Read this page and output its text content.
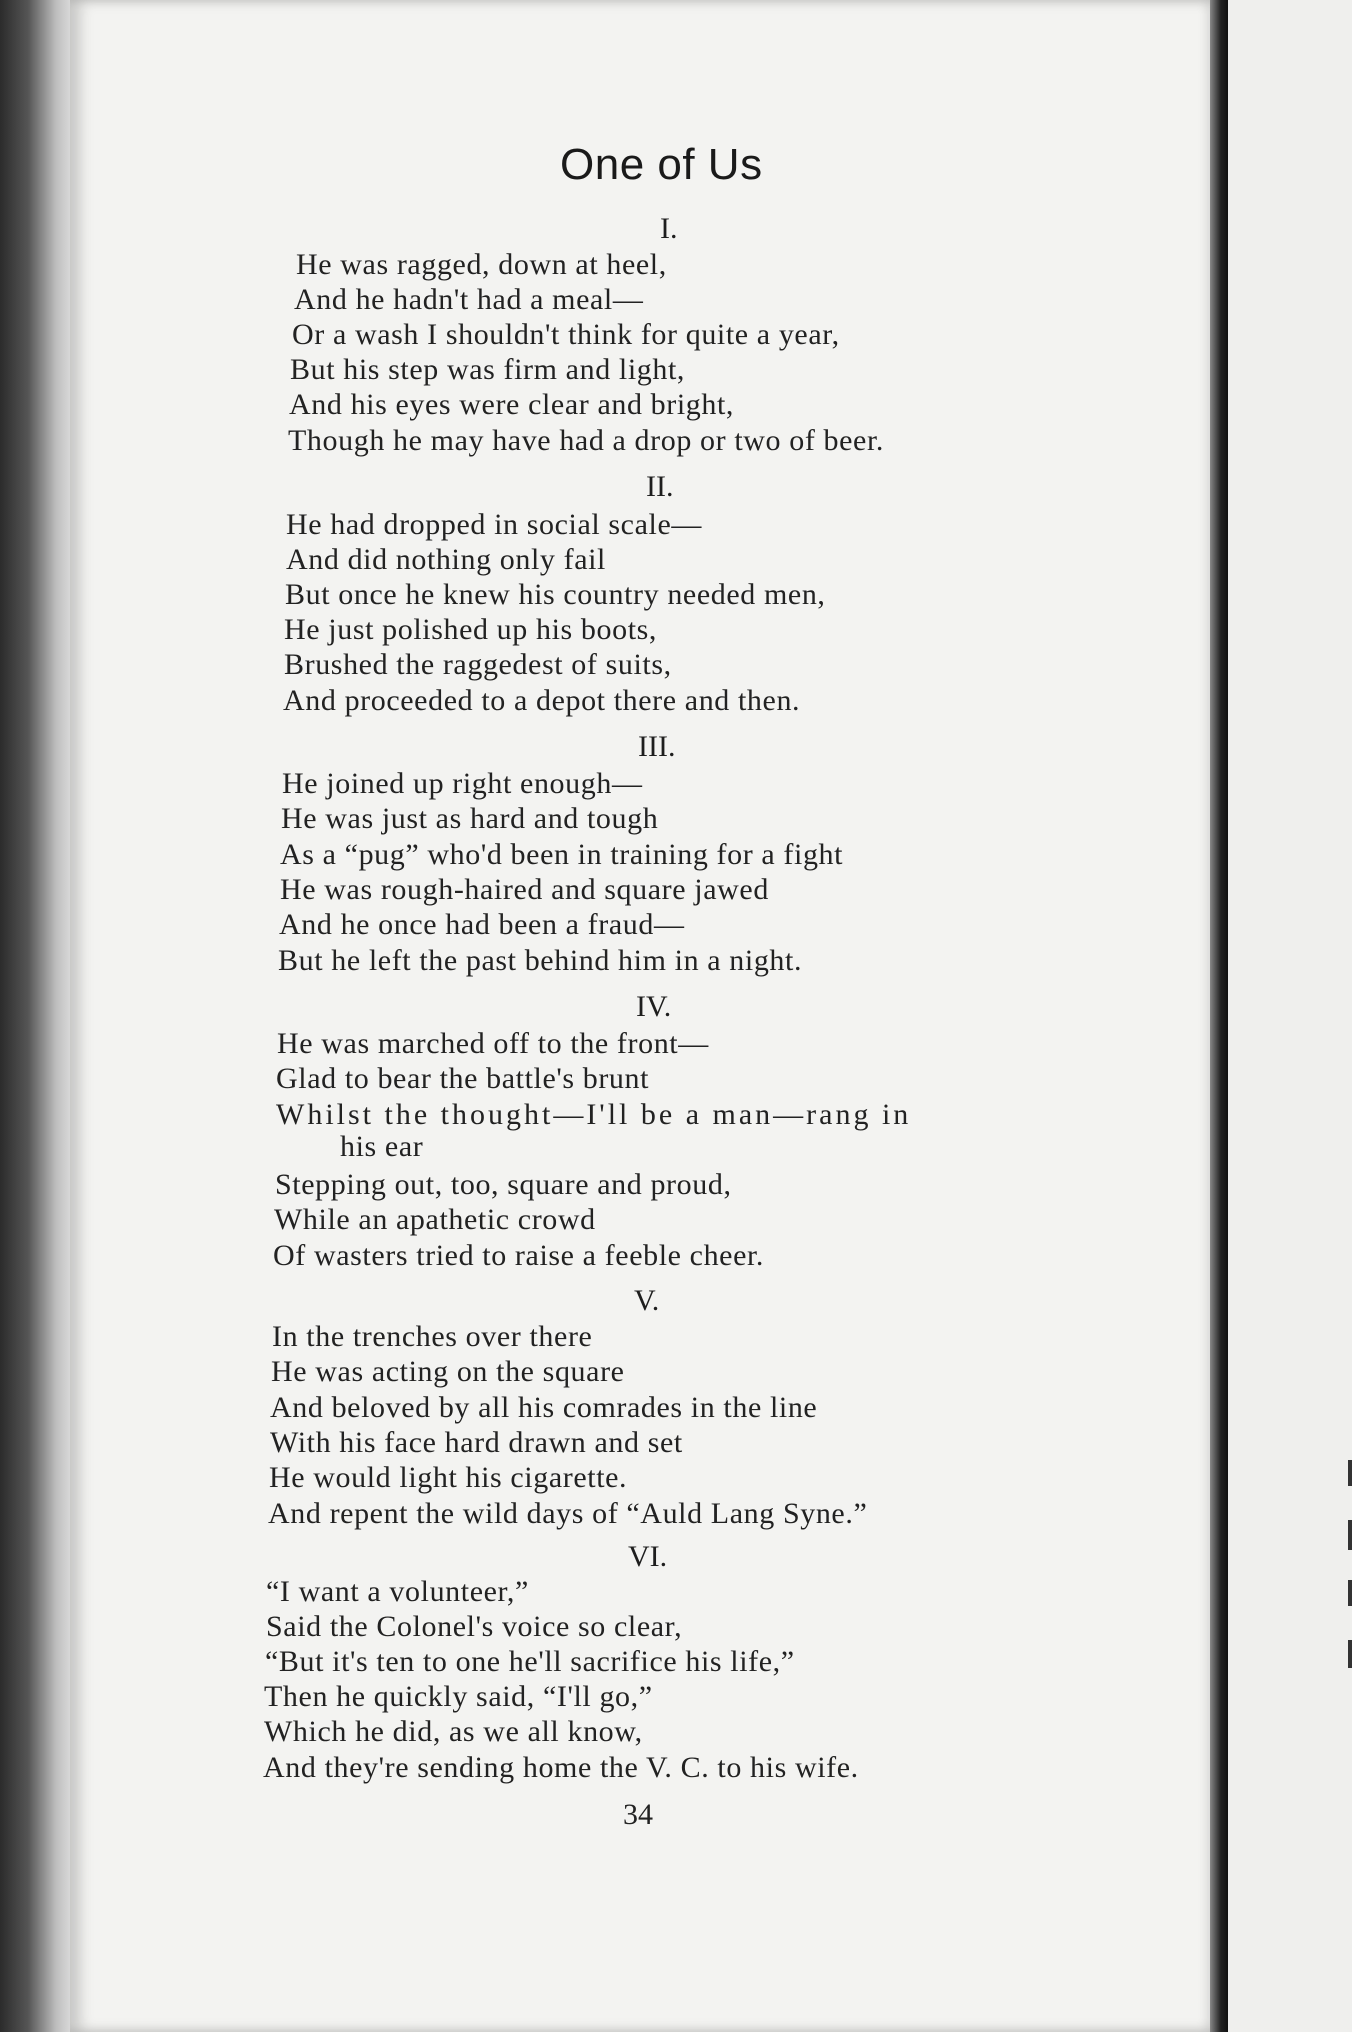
One of Us
I.
He was ragged, down at heel,
And he hadn't had a meal—
Or a wash I shouldn't think for quite a year,
But his step was firm and light,
And his eyes were clear and bright,
Though he may have had a drop or two of beer.
II.
He had dropped in social scale—
And did nothing only fail
But once he knew his country needed men,
He just polished up his boots,
Brushed the raggedest of suits,
And proceeded to a depot there and then.
III.
He joined up right enough—
He was just as hard and tough
As a “pug” who'd been in training for a fight
He was rough-haired and square jawed
And he once had been a fraud—
But he left the past behind him in a night.
IV.
He was marched off to the front—
Glad to bear the battle's brunt
Whilst the thought—I'll be a man—rang in
his ear
Stepping out, too, square and proud,
While an apathetic crowd
Of wasters tried to raise a feeble cheer.
V.
In the trenches over there
He was acting on the square
And beloved by all his comrades in the line
With his face hard drawn and set
He would light his cigarette.
And repent the wild days of “Auld Lang Syne.”
VI.
“I want a volunteer,”
Said the Colonel's voice so clear,
“But it's ten to one he'll sacrifice his life,”
Then he quickly said, “I'll go,”
Which he did, as we all know,
And they're sending home the V. C. to his wife.
34
